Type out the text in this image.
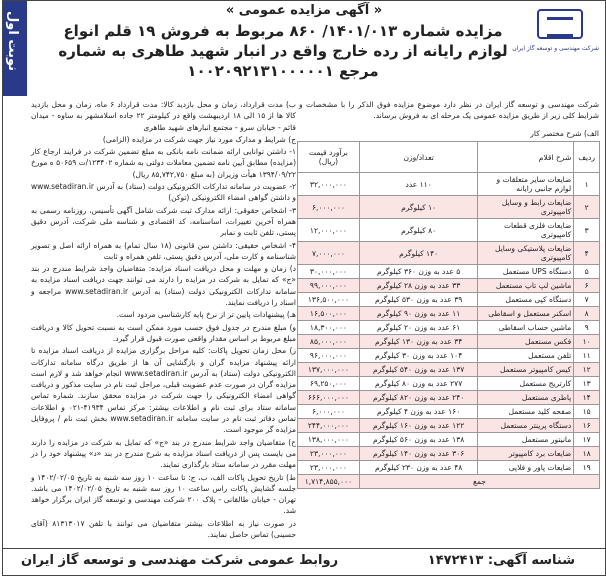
نوبت اول	شرکت مهندسی و توسعه گاز ایران
« آگهی مزایده عمومی »
مزایده شماره ۱۴۰۱/۰۱۳/ ۸۶۰ مربوط به فروش ۱۹ قلم انواع لوازم رایانه از رده خارج واقع در انبار شهید طاهری به شماره مرجع ۱۰۰۲۰۹۲۱۳۱۰۰۰۰۰۱
شرکت مهندسی و توسعه گاز ایران در نظر دارد موضوع مزایده فوق الذکر را با مشخصات و شرایط کلی زیر از طریق مزایده عمومی یک مرحله ای به فروش برساند.
الف) شرح مختصر کار
ردیف	شرح اقلام	تعداد/وزن	برآورد قیمت (ریال)
۱	ضایعات سایر متعلقات و لوازم جانبی رایانه	۱۱۰ عدد	۳۲,۰۰۰,۰۰۰
۲	ضایعات رابط و وسایل کامپیوتری	۱۰ کیلوگرم	۶,۰۰۰,۰۰۰
۳	ضایعات فلزی قطعات کامپیوتری	۸۰ کیلوگرم	۱۲,۰۰۰,۰۰۰
۴	ضایعات پلاستیکی وسایل کامپیوتری	۱۴۰ کیلوگرم	۷,۰۰۰,۰۰۰
۵	دستگاه UPS مستعمل	۵ عدد به وزن ۳۶۰ کیلوگرم	۳۰,۰۰۰,۰۰۰
۶	ماشین لپ تاپ مستعمل	۳۳ عدد به وزن ۲۸ کیلوگرم	۹۹,۰۰۰,۰۰۰
۷	دستگاه کپی مستعمل	۳۹ عدد به وزن ۵۳۰ کیلوگرم	۱۳۶,۵۰۰,۰۰۰
۸	اسکنر مستعمل و اسقاطی	۱۱ عدد به وزن ۹۰ کیلوگرم	۱۶,۵۰۰,۰۰۰
۹	ماشین حساب اسقاطی	۶۱ عدد به وزن ۲۰ کیلوگرم	۱۸,۳۰۰,۰۰۰
۱۰	فکس مستعمل	۳۴ عدد به وزن ۱۳۰ کیلوگرم	۸۵,۰۰۰,۰۰۰
۱۱	تلفن مستعمل	۱۰۴ عدد به وزن ۳۰ کیلوگرم	۹۶,۰۰۰,۰۰۰
۱۲	کیس کامپیوتر مستعمل	۱۳۷ عدد به وزن ۵۴۰ کیلوگرم	۱۳۷,۰۰۰,۰۰۰
۱۳	کارتریج مستعمل	۲۷۷ عدد به وزن ۸۰ کیلوگرم	۶۹,۲۵۰,۰۰۰
۱۴	پاطری مستعمل	۲۴۰ عدد به وزن ۸۲۰ کیلوگرم	۶۶۶,۰۰۰,۰۰۰
۱۵	صفحه کلید مستعمل	۱۶۰ عدد به وزن ۴ کیلوگرم	۶,۰۰۰,۰۰۰
۱۶	دستگاه پرینتر مستعمل	۱۲۲ عدد به وزن ۱۶۰ کیلوگرم	۲۴۴,۰۰۰,۰۰۰
۱۷	مانیتور مستعمل	۱۳۸ عدد به وزن ۵۶۰ کیلوگرم	۱۳۸,۰۰۰,۰۰۰
۱۸	ضایعات برد کامپیوتر	۳۰۶ عدد به وزن ۱۴۰ کیلوگرم	۲۳,۰۰۰,۰۰۰
۱۹	ضایعات پاور و فلاپی	۴۸ عدد به وزن ۲۳۰ کیلوگرم	۲۳,۰۰۰,۰۰۰
جمع			۱,۷۱۴,۸۵۵,۰۰۰

ب) مدت قرارداد، زمان و محل بازدید کالا: مدت قرارداد ۶ ماه، زمان و محل بازدید کالا ها از ۱۵ الی ۱۸ اردیبهشت واقع در کیلومتر ۲۲ جاده اسلامشهر به ساوه - میدان قائم - خیابان سرو - مجتمع انبارهای شهید طاهری

ج) شرایط و مدارک مورد نیاز جهت شرکت در مزایده (الزامی)

۱- داشتن توانایی ارائه ضمانت نامه بانکی به مبلغ تضمین شرکت در فرایند ارجاع کار (مزایده) مطابق آیین نامه تضمین معاملات دولتی به شماره ۱۲۳۴۰۲/ت ۵۰۶۵۹ ه مورخ ۱۳۹۴/۰۹/۲۲ هیأت وزیران (به مبلغ ۸۵,۷۴۲,۷۵۰ ریال)

۲- عضویت در سامانه تدارکات الکترونیکی دولت (ستاد) به آدرس www.setadiran.ir و داشتن گواهی امضاء الکترونیکی (توکن)

۳- اشخاص حقوقی: ارائه مدارک ثبت شرکت شامل آگهی تأسیس، روزنامه رسمی به همراه آخرین تغییرات، اساسنامه، کد اقتصادی و شناسه ملی شرکت، آدرس دقیق پستی، تلفن ثابت و نمابر

۴- اشخاص حقیقی: داشتن سن قانونی (۱۸ سال تمام) به همراه ارائه اصل و تصویر شناسنامه و کارت ملی، آدرس دقیق پستی، تلفن همراه و ثابت

د) زمان و مهلت و محل دریافت اسناد مزایده: متقاضیان واجد شرایط مندرج در بند «ج» که تمایل به شرکت در مزایده را دارند می توانند جهت دریافت اسناد مزایده به سامانه تدارکات الکترونیکی دولت (ستاد) به آدرس www.setadiran.ir مراجعه و اسناد را دریافت نمایند.

هـ) پیشنهادات پایین تر از نرخ پایه کارشناسی مردود است.

و) مبلغ مندرج در جدول فوق حسب مورد ممکن است به نسبت تحویل کالا و دریافت مبلغ مربوط بر اساس مقدار واقعی صورت قبول قرار گیرد.

ز) محل زمان تحویل پاکات: کلیه مراحل برگزاری مزایده از دریافت اسناد مزایده تا ارائه پیشنهاد مزایده گران و بازگشایی آن ها از طریق درگاه سامانه تدارکات الکترونیکی دولت (ستاد) به آدرس www.setadiran.ir انجام خواهد شد و لازم است مزایده گران در صورت عدم عضویت قبلی، مراحل ثبت نام در سایت مذکور و دریافت گواهی امضاء الکترونیکی را جهت شرکت در مزایده محقق سازند. شماره تماس سامانه ستاد برای ثبت نام و اطلاعات بیشتر: مرکز تماس ۴۱۹۳۴-۰۲۱ و اطلاعات تماس دفاتر ثبت نام در سایت سامانه www.setadiran.ir بخش ثبت نام / پروفایل مزایده گر موجود است.

ح) متقاضیان واجد شرایط مندرج در بند «ج» که تمایل به شرکت در مزایده را دارند می بایست پس از دریافت اسناد مزایده به شرح مندرج در بند «د» پیشنهاد خود را در مهلت مقرر در سامانه ستاد بارگذاری نمایند.

ط) تاریخ تحویل پاکات الف، ب، ج: تا ساعت ۱۰ روز سه شنبه به تاریخ ۱۴۰۲/۰۲/۰۵ و جلسه گشایش پاکات راس ساعت ۱۰ روز سه شنبه به تاریخ ۱۴۰۲/۰۲/۰۵ می باشد. تهران - خیابان طالقانی - پلاک ۲۰۰ شرکت مهندسی و توسعه گاز ایران برگزار خواهد شد.

در صورت نیاز به اطلاعات بیشتر متقاضیان می توانند با تلفن ۸۱۳۱۳۰۱۷ (آقای حسینی) تماس حاصل نمایند.

شناسه آگهی: ۱۴۷۲۴۱۳
روابط عمومی شرکت مهندسی و توسعه گاز ایران
